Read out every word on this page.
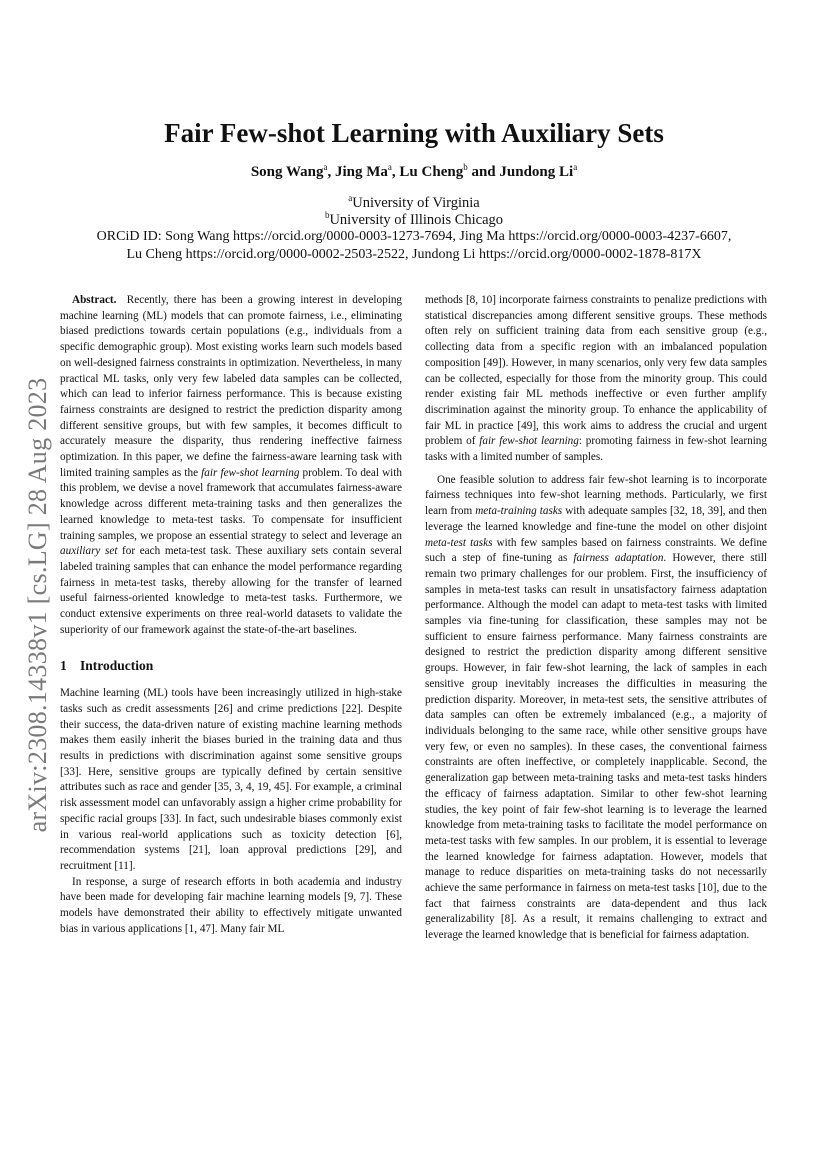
arXiv:2308.14338v1 [cs.LG] 28 Aug 2023
Fair Few-shot Learning with Auxiliary Sets
Song Wang$^a$, Jing Ma$^a$, Lu Cheng$^b$ and Jundong Li$^a$
$^a$University of Virginia
$^b$University of Illinois Chicago
ORCiD ID: Song Wang https://orcid.org/0000-0003-1273-7694, Jing Ma https://orcid.org/0000-0003-4237-6607,
Lu Cheng https://orcid.org/0000-0002-2503-2522, Jundong Li https://orcid.org/0000-0002-1878-817X

Abstract. Recently, there has been a growing interest in developing machine learning (ML) models that can promote fairness, i.e., eliminating biased predictions towards certain populations (e.g., individuals from a specific demographic group). Most existing works learn such models based on well-designed fairness constraints in optimization. Nevertheless, in many practical ML tasks, only very few labeled data samples can be collected, which can lead to inferior fairness performance. This is because existing fairness constraints are designed to restrict the prediction disparity among different sensitive groups, but with few samples, it becomes difficult to accurately measure the disparity, thus rendering ineffective fairness optimization. In this paper, we define the fairness-aware learning task with limited training samples as the fair few-shot learning problem. To deal with this problem, we devise a novel framework that accumulates fairness-aware knowledge across different meta-training tasks and then generalizes the learned knowledge to meta-test tasks. To compensate for insufficient training samples, we propose an essential strategy to select and leverage an auxiliary set for each meta-test task. These auxiliary sets contain several labeled training samples that can enhance the model performance regarding fairness in meta-test tasks, thereby allowing for the transfer of learned useful fairness-oriented knowledge to meta-test tasks. Furthermore, we conduct extensive experiments on three real-world datasets to validate the superiority of our framework against the state-of-the-art baselines.

1 Introduction

Machine learning (ML) tools have been increasingly utilized in high-stake tasks such as credit assessments [26] and crime predictions [22]. Despite their success, the data-driven nature of existing machine learning methods makes them easily inherit the biases buried in the training data and thus results in predictions with discrimination against some sensitive groups [33]. Here, sensitive groups are typically defined by certain sensitive attributes such as race and gender [35, 3, 4, 19, 45]. For example, a criminal risk assessment model can unfavorably assign a higher crime probability for specific racial groups [33]. In fact, such undesirable biases commonly exist in various real-world applications such as toxicity detection [6], recommendation systems [21], loan approval predictions [29], and recruitment [11].

In response, a surge of research efforts in both academia and industry have been made for developing fair machine learning models [9, 7]. These models have demonstrated their ability to effectively mitigate unwanted bias in various applications [1, 47]. Many fair ML

methods [8, 10] incorporate fairness constraints to penalize predictions with statistical discrepancies among different sensitive groups. These methods often rely on sufficient training data from each sensitive group (e.g., collecting data from a specific region with an imbalanced population composition [49]). However, in many scenarios, only very few data samples can be collected, especially for those from the minority group. This could render existing fair ML methods ineffective or even further amplify discrimination against the minority group. To enhance the applicability of fair ML in practice [49], this work aims to address the crucial and urgent problem of fair few-shot learning: promoting fairness in few-shot learning tasks with a limited number of samples.

One feasible solution to address fair few-shot learning is to incorporate fairness techniques into few-shot learning methods. Particularly, we first learn from meta-training tasks with adequate samples [32, 18, 39], and then leverage the learned knowledge and fine-tune the model on other disjoint meta-test tasks with few samples based on fairness constraints. We define such a step of fine-tuning as fairness adaptation. However, there still remain two primary challenges for our problem. First, the insufficiency of samples in meta-test tasks can result in unsatisfactory fairness adaptation performance. Although the model can adapt to meta-test tasks with limited samples via fine-tuning for classification, these samples may not be sufficient to ensure fairness performance. Many fairness constraints are designed to restrict the prediction disparity among different sensitive groups. However, in fair few-shot learning, the lack of samples in each sensitive group inevitably increases the difficulties in measuring the prediction disparity. Moreover, in meta-test sets, the sensitive attributes of data samples can often be extremely imbalanced (e.g., a majority of individuals belonging to the same race, while other sensitive groups have very few, or even no samples). In these cases, the conventional fairness constraints are often ineffective, or completely inapplicable. Second, the generalization gap between meta-training tasks and meta-test tasks hinders the efficacy of fairness adaptation. Similar to other few-shot learning studies, the key point of fair few-shot learning is to leverage the learned knowledge from meta-training tasks to facilitate the model performance on meta-test tasks with few samples. In our problem, it is essential to leverage the learned knowledge for fairness adaptation. However, models that manage to reduce disparities on meta-training tasks do not necessarily achieve the same performance in fairness on meta-test tasks [10], due to the fact that fairness constraints are data-dependent and thus lack generalizability [8]. As a result, it remains challenging to extract and leverage the learned knowledge that is beneficial for fairness adaptation.
